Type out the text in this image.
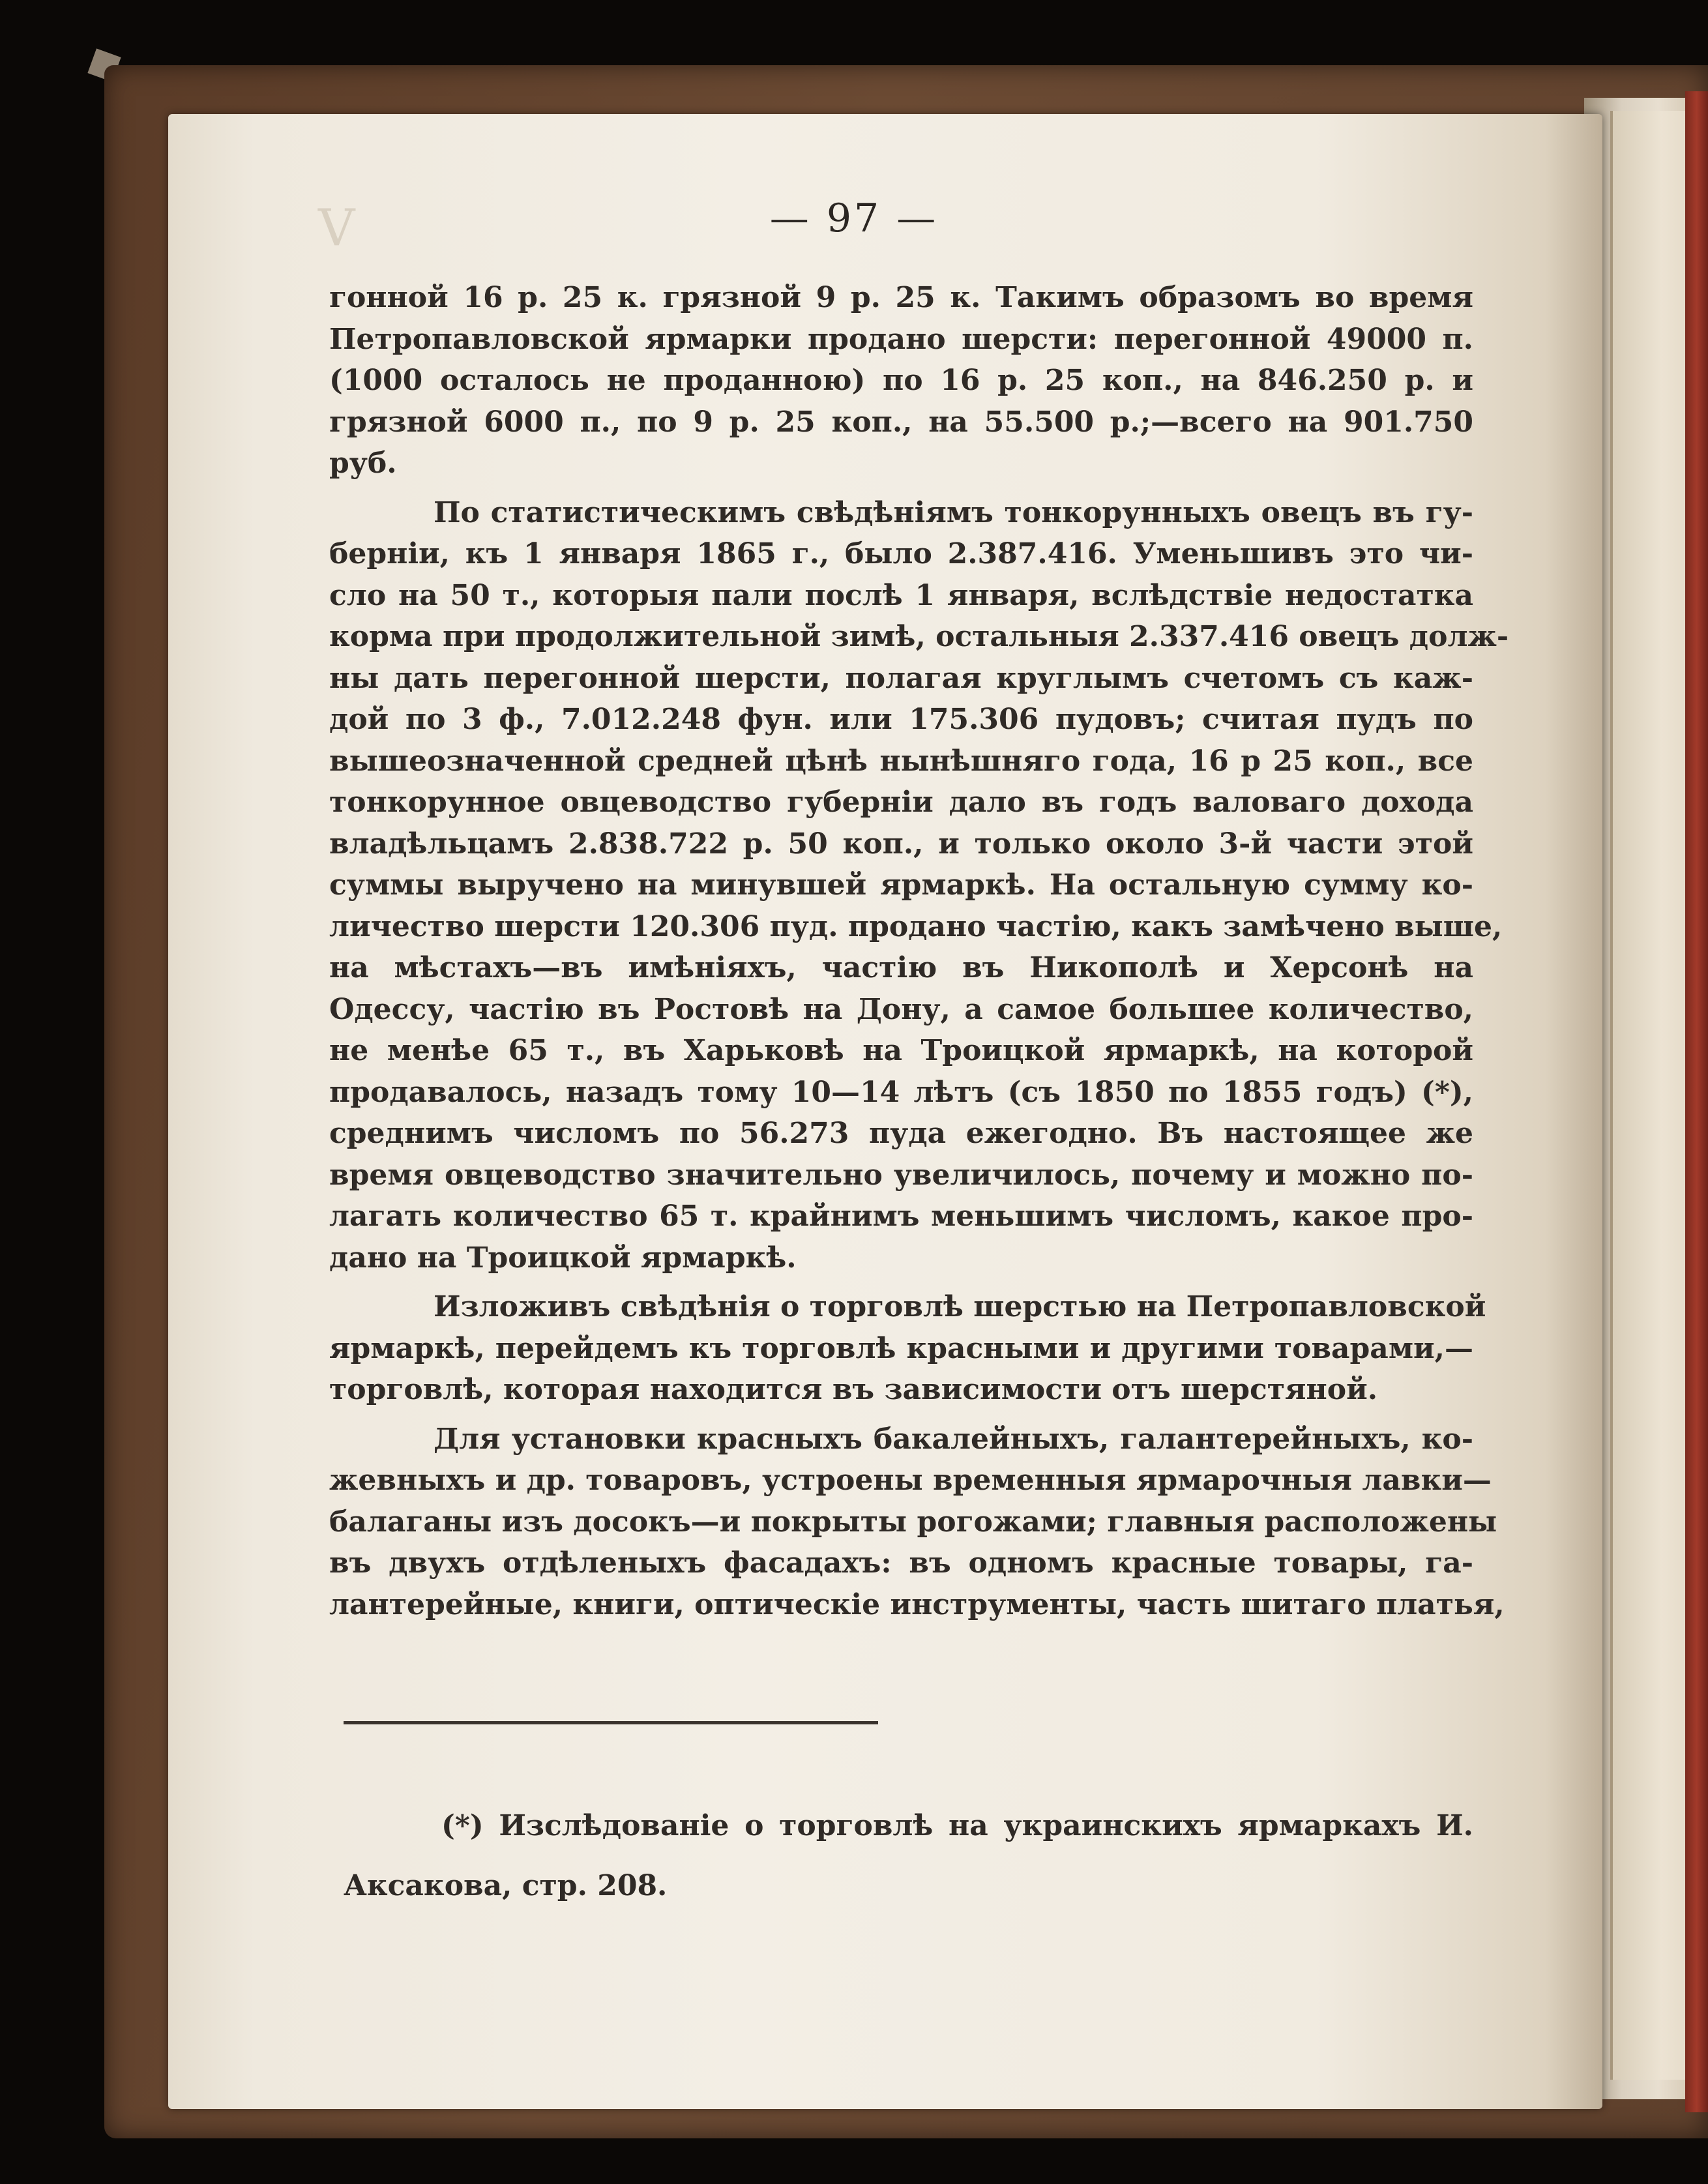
V	— 97 —
гонной 16 р. 25 к. грязной 9 р. 25 к. Такимъ образомъ во время
Петропавловской ярмарки продано шерсти: перегонной 49000 п.
(1000 осталось не проданною) по 16 р. 25 коп., на 846.250 р. и
грязной 6000 п., по 9 р. 25 коп., на 55.500 р.;—всего на 901.750
руб.
По статистическимъ свѣдѣніямъ тонкорунныхъ овецъ въ гу-
берніи, къ 1 января 1865 г., было 2.387.416. Уменьшивъ это чи-
сло на 50 т., которыя пали послѣ 1 января, вслѣдствіе недостатка
корма при продолжительной зимѣ, остальныя 2.337.416 овецъ долж-
ны дать перегонной шерсти, полагая круглымъ счетомъ съ каж-
дой по 3 ф., 7.012.248 фун. или 175.306 пудовъ; считая пудъ по
вышеозначенной средней цѣнѣ нынѣшняго года, 16 р 25 коп., все
тонкорунное овцеводство губерніи дало въ годъ валоваго дохода
владѣльцамъ 2.838.722 р. 50 коп., и только около 3-й части этой
суммы выручено на минувшей ярмаркѣ. На остальную сумму ко-
личество шерсти 120.306 пуд. продано частію, какъ замѣчено выше,
на мѣстахъ—въ имѣніяхъ, частію въ Никополѣ и Херсонѣ на
Одессу, частію въ Ростовѣ на Дону, а самое большее количество,
не менѣе 65 т., въ Харьковѣ на Троицкой ярмаркѣ, на которой
продавалось, назадъ тому 10—14 лѣтъ (съ 1850 по 1855 годъ) (*),
среднимъ числомъ по 56.273 пуда ежегодно. Въ настоящее же
время овцеводство значительно увеличилось, почему и можно по-
лагать количество 65 т. крайнимъ меньшимъ числомъ, какое про-
дано на Троицкой ярмаркѣ.
Изложивъ свѣдѣнія о торговлѣ шерстью на Петропавловской
ярмаркѣ, перейдемъ къ торговлѣ красными и другими товарами,—
торговлѣ, которая находится въ зависимости отъ шерстяной.
Для установки красныхъ бакалейныхъ, галантерейныхъ, ко-
жевныхъ и др. товаровъ, устроены временныя ярмарочныя лавки—
балаганы изъ досокъ—и покрыты рогожами; главныя расположены
въ двухъ отдѣленыхъ фасадахъ: въ одномъ красные товары, га-
лантерейные, книги, оптическіе инструменты, часть шитаго платья,
(*) Изслѣдованіе о торговлѣ на украинскихъ ярмаркахъ И.
Аксакова, стр. 208.
